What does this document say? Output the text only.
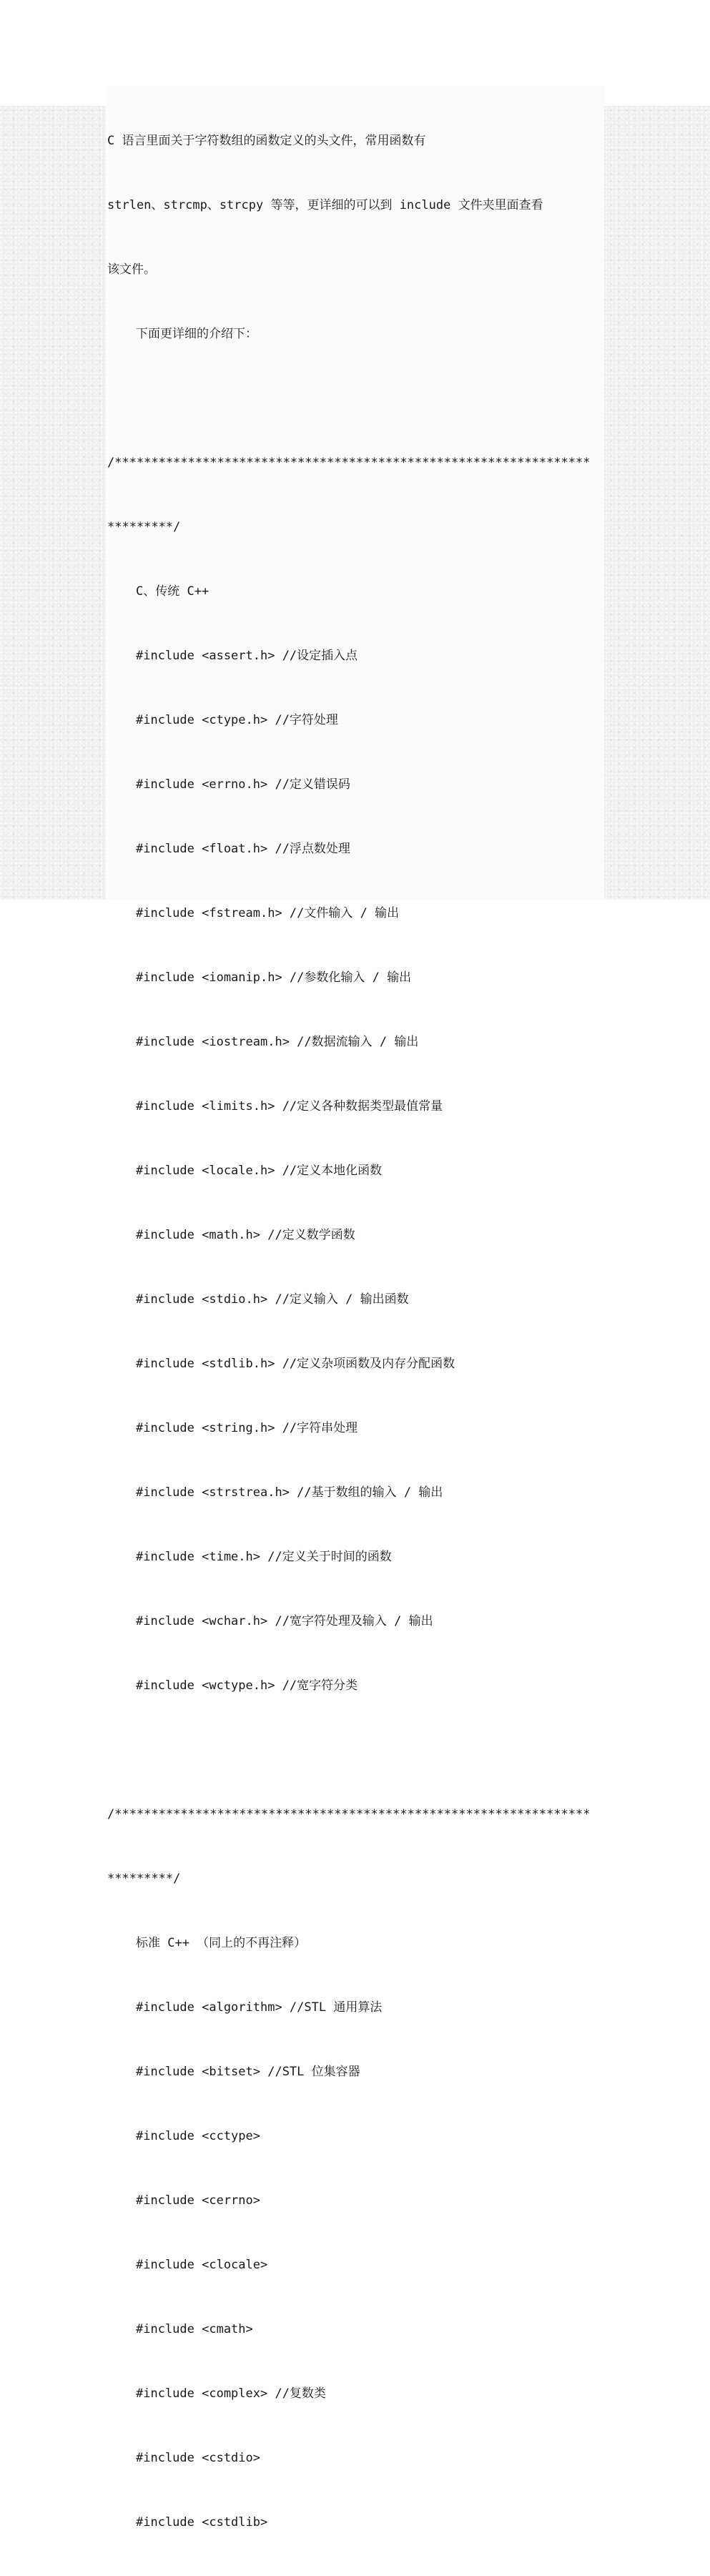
C 语言里面关于字符数组的函数定义的头文件，常用函数有

strlen、strcmp、strcpy 等等，更详细的可以到 include 文件夹里面查看

该文件。

下面更详细的介绍下：

/*****************************************************************

*********/

C、传统 C++

#include <assert.h> //设定插入点

#include <ctype.h> //字符处理

#include <errno.h> //定义错误码

#include <float.h> //浮点数处理

#include <fstream.h> //文件输入 / 输出

#include <iomanip.h> //参数化输入 / 输出

#include <iostream.h> //数据流输入 / 输出

#include <limits.h> //定义各种数据类型最值常量

#include <locale.h> //定义本地化函数

#include <math.h> //定义数学函数

#include <stdio.h> //定义输入 / 输出函数

#include <stdlib.h> //定义杂项函数及内存分配函数

#include <string.h> //字符串处理

#include <strstrea.h> //基于数组的输入 / 输出

#include <time.h> //定义关于时间的函数

#include <wchar.h> //宽字符处理及输入 / 输出

#include <wctype.h> //宽字符分类

/*****************************************************************

*********/

标准 C++ （同上的不再注释）

#include <algorithm> //STL 通用算法

#include <bitset> //STL 位集容器

#include <cctype>

#include <cerrno>

#include <clocale>

#include <cmath>

#include <complex> //复数类

#include <cstdio>

#include <cstdlib>
